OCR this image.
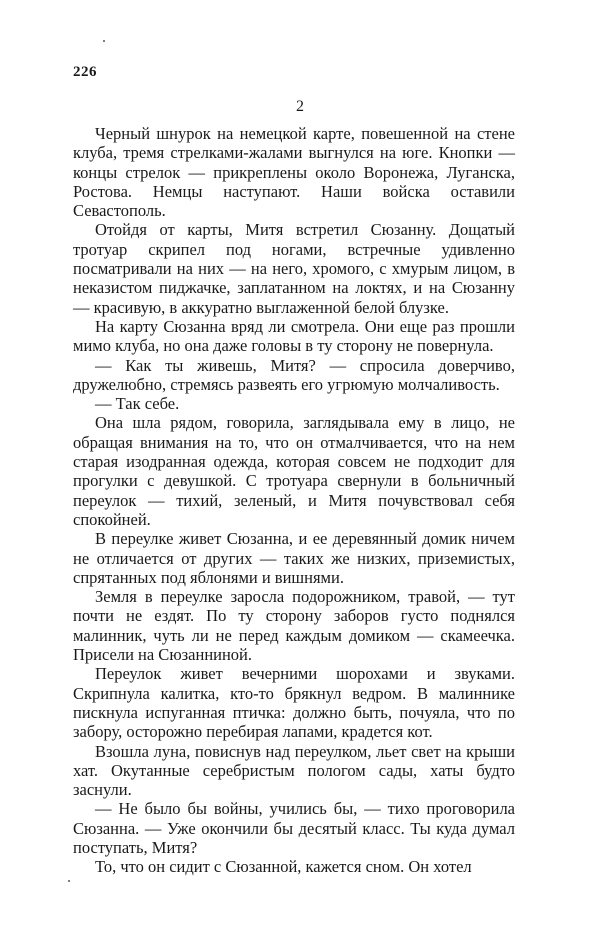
226
2

Черный шнурок на немецкой карте, повешенной на стене клуба, тремя стрелками-жалами выгнулся на юге. Кнопки — концы стрелок — прикреплены около Воронежа, Луганска, Ростова. Немцы наступают. Наши войска оставили Севастополь.

Отойдя от карты, Митя встретил Сюзанну. Дощатый тротуар скрипел под ногами, встречные удивленно посматривали на них — на него, хромого, с хмурым лицом, в неказистом пиджачке, заплатанном на локтях, и на Сюзанну — красивую, в аккуратно выглаженной белой блузке.

На карту Сюзанна вряд ли смотрела. Они еще раз прошли мимо клуба, но она даже головы в ту сторону не повернула.

— Как ты живешь, Митя? — спросила доверчиво, дружелюбно, стремясь развеять его угрюмую молчаливость.

— Так себе.

Она шла рядом, говорила, заглядывала ему в лицо, не обращая внимания на то, что он отмалчивается, что на нем старая изодранная одежда, которая совсем не подходит для прогулки с девушкой. С тротуара свернули в больничный переулок — тихий, зеленый, и Митя почувствовал себя спокойней.

В переулке живет Сюзанна, и ее деревянный домик ничем не отличается от других — таких же низких, приземистых, спрятанных под яблонями и вишнями.

Земля в переулке заросла подорожником, травой, — тут почти не ездят. По ту сторону заборов густо поднялся малинник, чуть ли не перед каждым домиком — скамеечка. Присели на Сюзанниной.

Переулок живет вечерними шорохами и звуками. Скрипнула калитка, кто-то брякнул ведром. В малиннике пискнула испуганная птичка: должно быть, почуяла, что по забору, осторожно перебирая лапами, крадется кот.

Взошла луна, повиснув над переулком, льет свет на крыши хат. Окутанные серебристым пологом сады, хаты будто заснули.

— Не было бы войны, учились бы, — тихо проговорила Сюзанна. — Уже окончили бы десятый класс. Ты куда думал поступать, Митя?

То, что он сидит с Сюзанной, кажется сном. Он хотел
